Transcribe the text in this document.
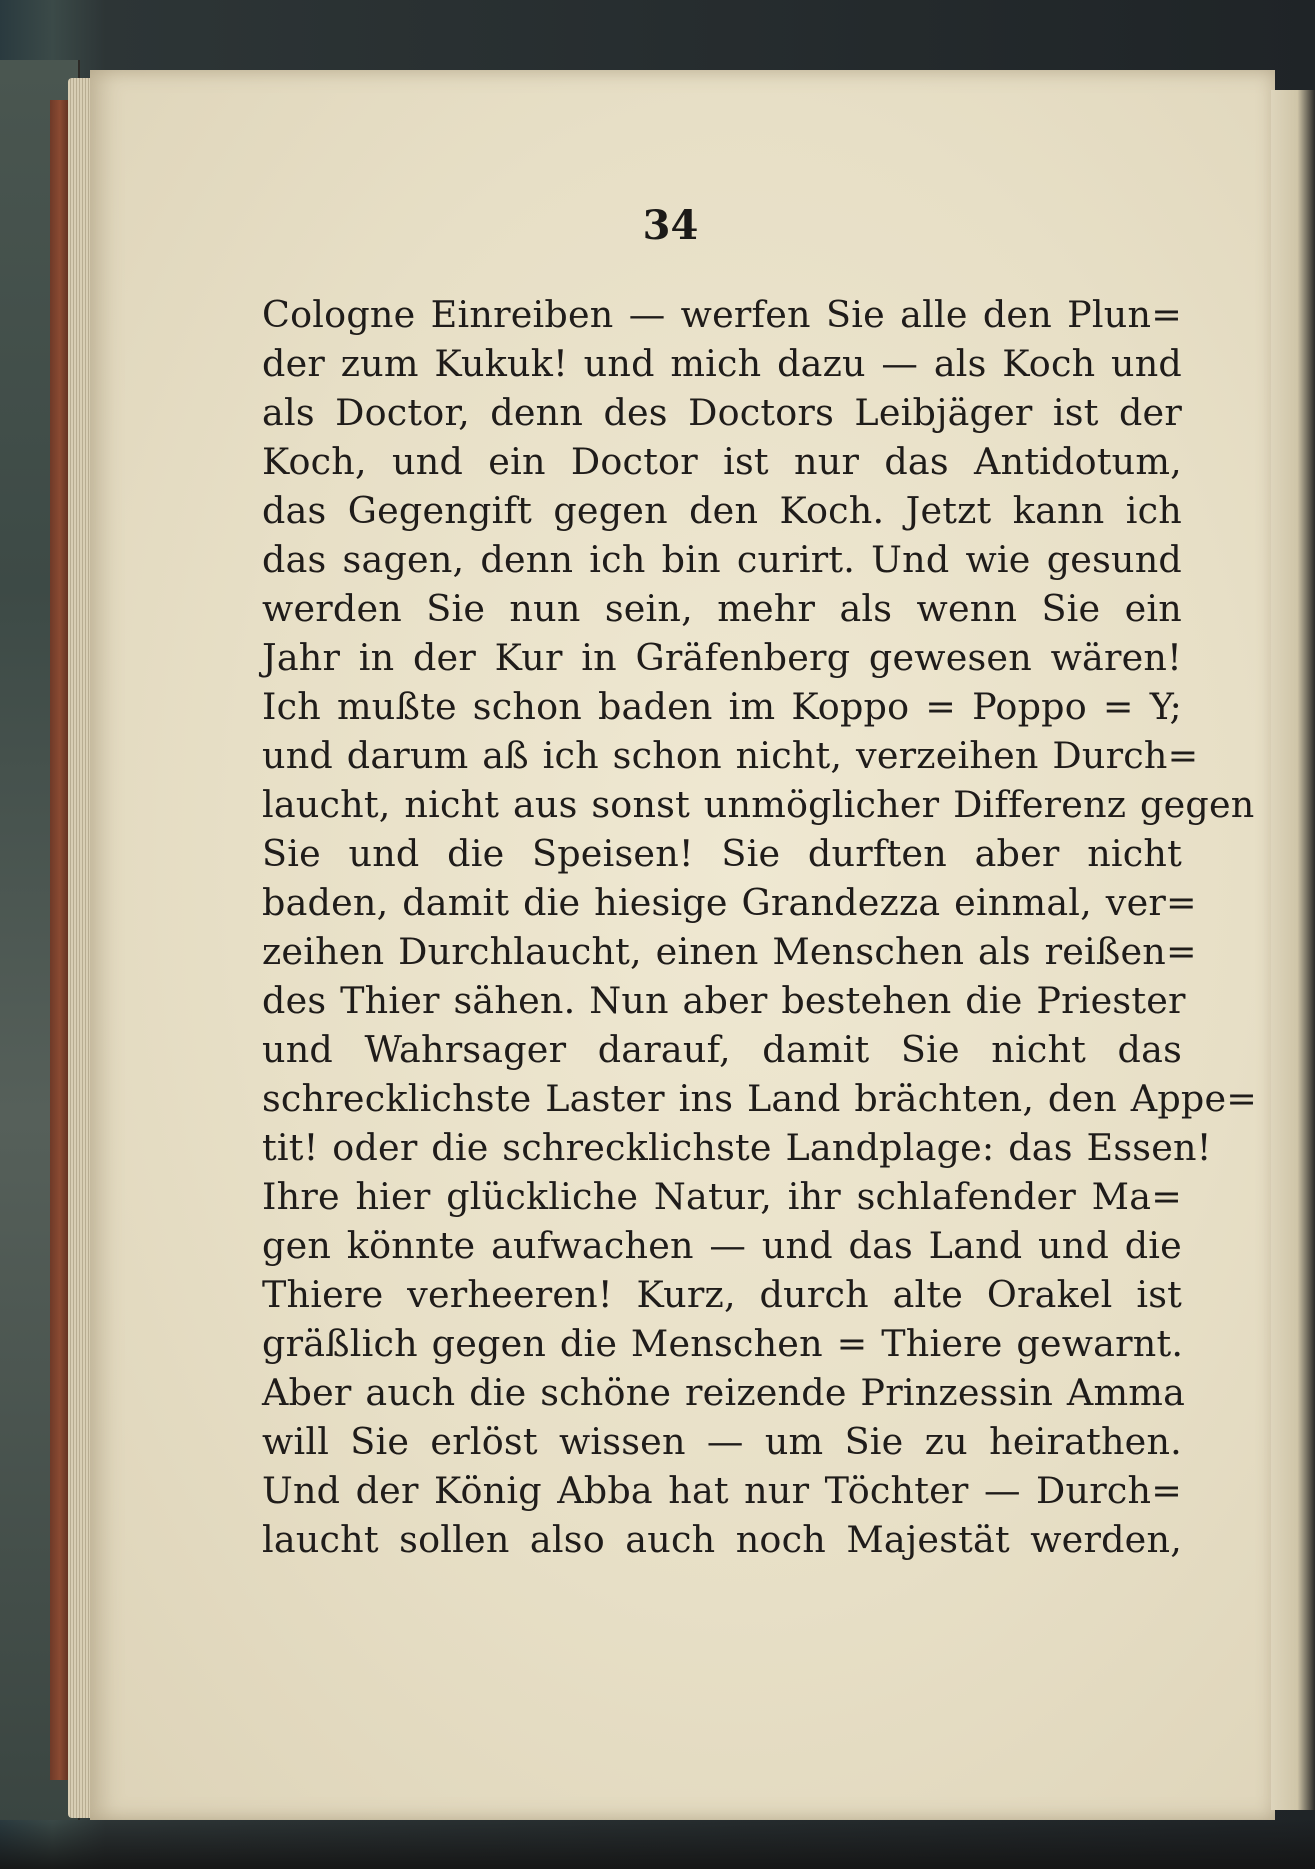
34
Cologne Einreiben — werfen Sie alle den Plun=
der zum Kukuk! und mich dazu — als Koch und
als Doctor, denn des Doctors Leibjäger ist der
Koch, und ein Doctor ist nur das Antidotum,
das Gegengift gegen den Koch. Jetzt kann ich
das sagen, denn ich bin curirt. Und wie gesund
werden Sie nun sein, mehr als wenn Sie ein
Jahr in der Kur in Gräfenberg gewesen wären!
Ich mußte schon baden im Koppo = Poppo = Y;
und darum aß ich schon nicht, verzeihen Durch=
laucht, nicht aus sonst unmöglicher Differenz gegen
Sie und die Speisen! Sie durften aber nicht
baden, damit die hiesige Grandezza einmal, ver=
zeihen Durchlaucht, einen Menschen als reißen=
des Thier sähen. Nun aber bestehen die Priester
und Wahrsager darauf, damit Sie nicht das
schrecklichste Laster ins Land brächten, den Appe=
tit! oder die schrecklichste Landplage: das Essen!
Ihre hier glückliche Natur, ihr schlafender Ma=
gen könnte aufwachen — und das Land und die
Thiere verheeren! Kurz, durch alte Orakel ist
gräßlich gegen die Menschen = Thiere gewarnt.
Aber auch die schöne reizende Prinzessin Amma
will Sie erlöst wissen — um Sie zu heirathen.
Und der König Abba hat nur Töchter — Durch=
laucht sollen also auch noch Majestät werden,
